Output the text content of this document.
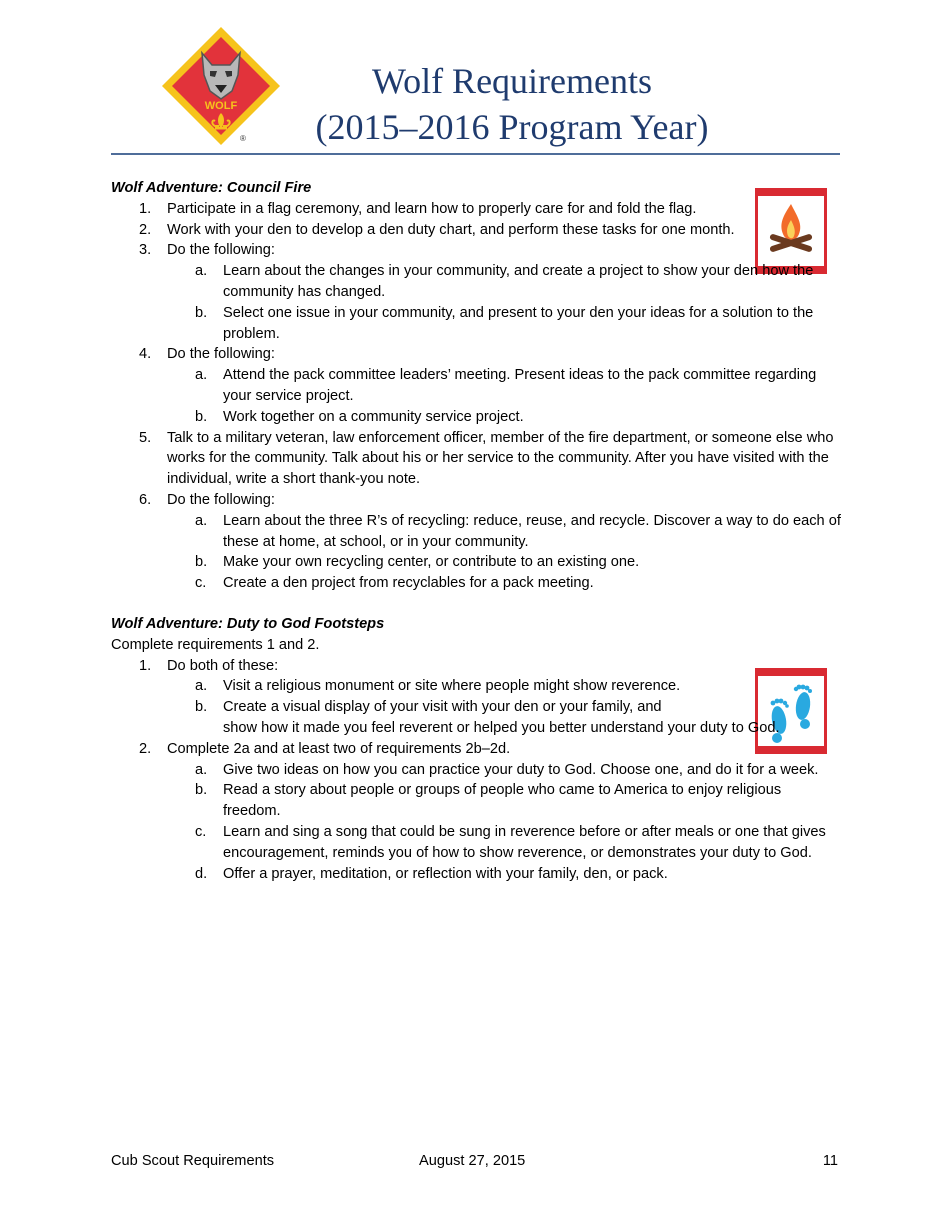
WOLF
®
Wolf Requirements
(2015–2016 Program Year)
Wolf Adventure: Council Fire
1. Participate in a flag ceremony, and learn how to properly care for and fold the flag.
2. Work with your den to develop a den duty chart, and perform these tasks for one month.
3. Do the following:
a. Learn about the changes in your community, and create a project to show your den how the community has changed.
b. Select one issue in your community, and present to your den your ideas for a solution to the problem.
4. Do the following:
a. Attend the pack committee leaders’ meeting. Present ideas to the pack committee regarding your service project.
b. Work together on a community service project.
5. Talk to a military veteran, law enforcement officer, member of the fire department, or someone else who works for the community. Talk about his or her service to the community. After you have visited with the individual, write a short thank-you note.
6. Do the following:
a. Learn about the three R’s of recycling: reduce, reuse, and recycle. Discover a way to do each of these at home, at school, or in your community.
b. Make your own recycling center, or contribute to an existing one.
c. Create a den project from recyclables for a pack meeting.
Wolf Adventure: Duty to God Footsteps

Complete requirements 1 and 2.

1. Do both of these:
a. Visit a religious monument or site where people might show reverence.
b. Create a visual display of your visit with your den or your family, and
show how it made you feel reverent or helped you better understand your duty to God.
2. Complete 2a and at least two of requirements 2b–2d.
a. Give two ideas on how you can practice your duty to God. Choose one, and do it for a week.
b. Read a story about people or groups of people who came to America to enjoy religious freedom.
c. Learn and sing a song that could be sung in reverence before or after meals or one that gives encouragement, reminds you of how to show reverence, or demonstrates your duty to God.
d. Offer a prayer, meditation, or reflection with your family, den, or pack.
Cub Scout Requirements	August 27, 2015	11
